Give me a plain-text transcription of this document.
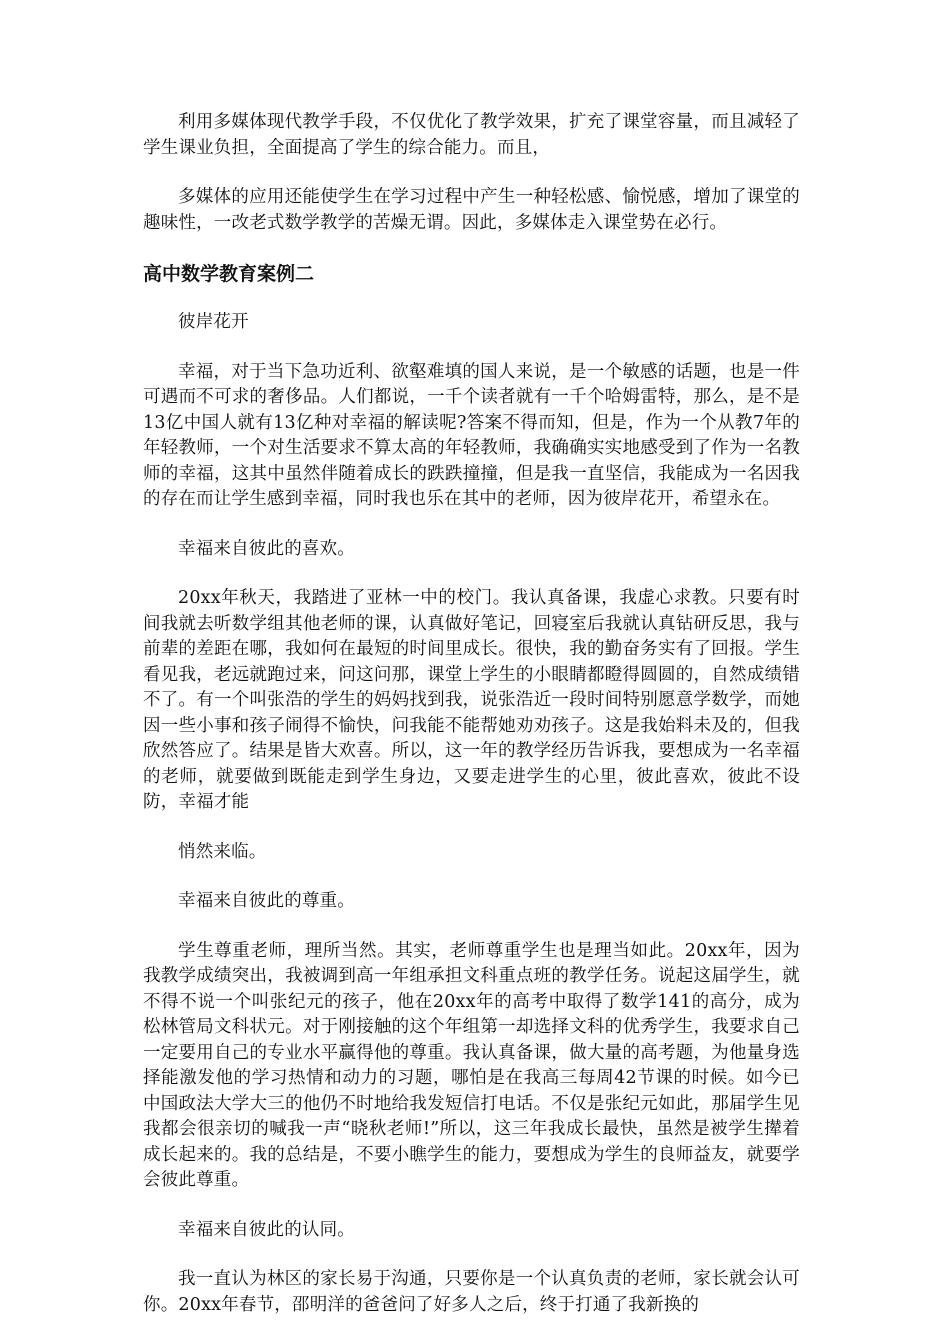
利用多媒体现代教学手段，不仅优化了教学效果，扩充了课堂容量，而且减轻了学生课业负担，全面提高了学生的综合能力。而且，

多媒体的应用还能使学生在学习过程中产生一种轻松感、愉悦感，增加了课堂的趣味性，一改老式数学教学的苦燥无谓。因此，多媒体走入课堂势在必行。

高中数学教育案例二

彼岸花开

幸福，对于当下急功近利、欲壑难填的国人来说，是一个敏感的话题，也是一件可遇而不可求的奢侈品。人们都说，一千个读者就有一千个哈姆雷特，那么，是不是13亿中国人就有13亿种对幸福的解读呢?答案不得而知，但是，作为一个从教7年的年轻教师，一个对生活要求不算太高的年轻教师，我确确实实地感受到了作为一名教师的幸福，这其中虽然伴随着成长的跌跌撞撞，但是我一直坚信，我能成为一名因我的存在而让学生感到幸福，同时我也乐在其中的老师，因为彼岸花开，希望永在。

幸福来自彼此的喜欢。

20xx年秋天，我踏进了亚林一中的校门。我认真备课，我虚心求教。只要有时间我就去听数学组其他老师的课，认真做好笔记，回寝室后我就认真钻研反思，我与前辈的差距在哪，我如何在最短的时间里成长。很快，我的勤奋务实有了回报。学生看见我，老远就跑过来，问这问那，课堂上学生的小眼睛都瞪得圆圆的，自然成绩错不了。有一个叫张浩的学生的妈妈找到我，说张浩近一段时间特别愿意学数学，而她因一些小事和孩子闹得不愉快，问我能不能帮她劝劝孩子。这是我始料未及的，但我欣然答应了。结果是皆大欢喜。所以，这一年的教学经历告诉我，要想成为一名幸福的老师，就要做到既能走到学生身边，又要走进学生的心里，彼此喜欢，彼此不设防，幸福才能

悄然来临。

幸福来自彼此的尊重。

学生尊重老师，理所当然。其实，老师尊重学生也是理当如此。20xx年，因为我教学成绩突出，我被调到高一年组承担文科重点班的教学任务。说起这届学生，就不得不说一个叫张纪元的孩子，他在20xx年的高考中取得了数学141的高分，成为松林管局文科状元。对于刚接触的这个年组第一却选择文科的优秀学生，我要求自己一定要用自己的专业水平赢得他的尊重。我认真备课，做大量的高考题，为他量身选择能激发他的学习热情和动力的习题，哪怕是在我高三每周42节课的时候。如今已中国政法大学大三的他仍不时地给我发短信打电话。不仅是张纪元如此，那届学生见我都会很亲切的喊我一声“晓秋老师!”所以，这三年我成长最快，虽然是被学生撵着成长起来的。我的总结是，不要小瞧学生的能力，要想成为学生的良师益友，就要学会彼此尊重。

幸福来自彼此的认同。

我一直认为林区的家长易于沟通，只要你是一个认真负责的老师，家长就会认可你。20xx年春节，邵明洋的爸爸问了好多人之后，终于打通了我新换的
